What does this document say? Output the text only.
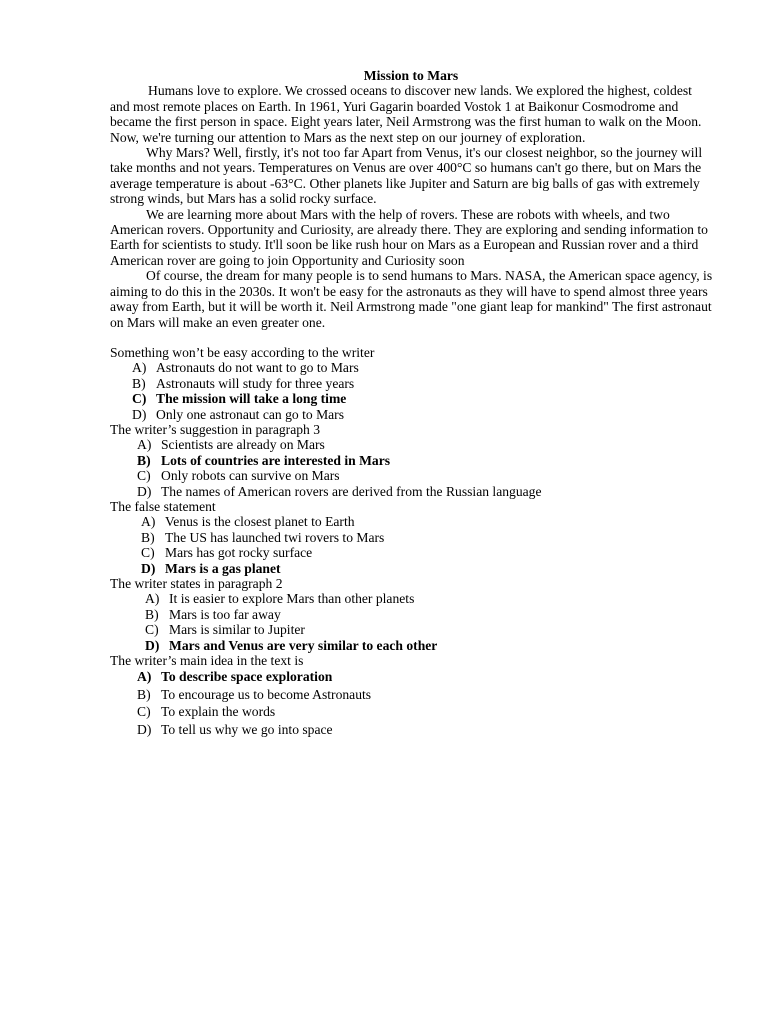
Mission to Mars

Humans love to explore. We crossed oceans to discover new lands. We explored the highest, coldest and most remote places on Earth. In 1961, Yuri Gagarin boarded Vostok 1 at Baikonur Cosmodrome and became the first person in space. Eight years later, Neil Armstrong was the first human to walk on the Moon. Now, we're turning our attention to Mars as the next step on our journey of exploration.

Why Mars? Well, firstly, it's not too far Apart from Venus, it's our closest neighbor, so the journey will take months and not years. Temperatures on Venus are over 400°C so humans can't go there, but on Mars the average temperature is about -63°C. Other planets like Jupiter and Saturn are big balls of gas with extremely strong winds, but Mars has a solid rocky surface.

We are learning more about Mars with the help of rovers. These are robots with wheels, and two American rovers. Opportunity and Curiosity, are already there. They are exploring and sending information to Earth for scientists to study. It'll soon be like rush hour on Mars as a European and Russian rover and a third American rover are going to join Opportunity and Curiosity soon

Of course, the dream for many people is to send humans to Mars. NASA, the American space agency, is aiming to do this in the 2030s. It won't be easy for the astronauts as they will have to spend almost three years away from Earth, but it will be worth it. Neil Armstrong made "one giant leap for mankind" The first astronaut on Mars will make an even greater one.

Something won’t be easy according to the writer

A) Astronauts do not want to go to Mars
B) Astronauts will study for three years
C) The mission will take a long time
D) Only one astronaut can go to Mars

The writer’s suggestion in paragraph 3

A) Scientists are already on Mars
B) Lots of countries are interested in Mars
C) Only robots can survive on Mars
D) The names of American rovers are derived from the Russian language

The false statement

A) Venus is the closest planet to Earth
B) The US has launched twi rovers to Mars
C) Mars has got rocky surface
D) Mars is a gas planet

The writer states in paragraph 2

A) It is easier to explore Mars than other planets
B) Mars is too far away
C) Mars is similar to Jupiter
D) Mars and Venus are very similar to each other

The writer’s main idea in the text is

A) To describe space exploration
B) To encourage us to become Astronauts
C) To explain the words
D) To tell us why we go into space
